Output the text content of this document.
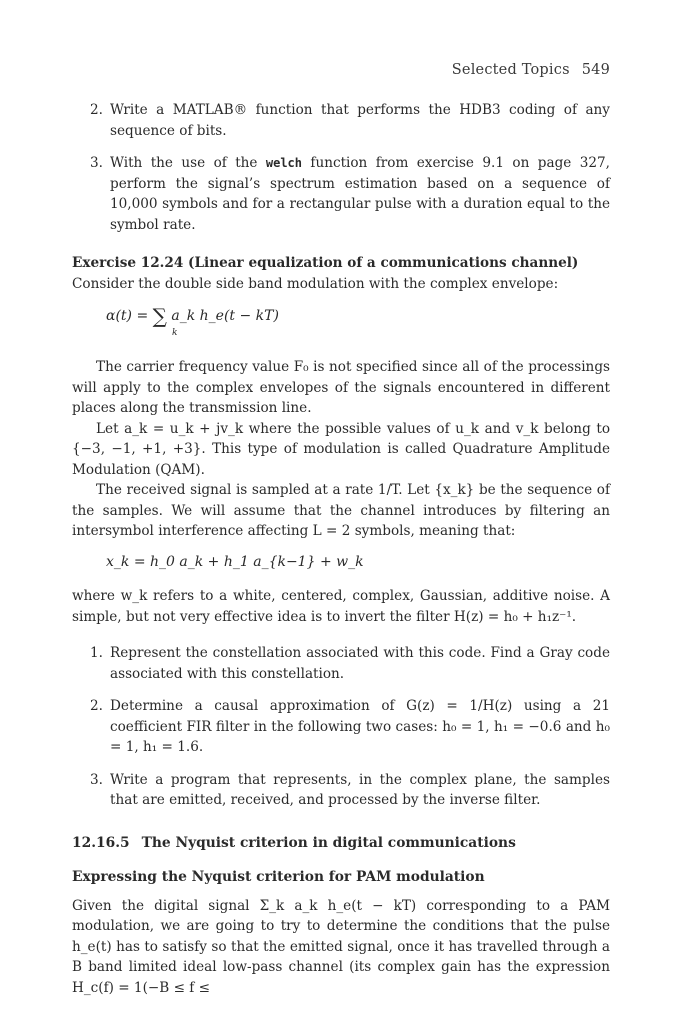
Selected Topics 549
2. Write a MATLAB® function that performs the HDB3 coding of any sequence of bits.
3. With the use of the welch function from exercise 9.1 on page 327, perform the signal’s spectrum estimation based on a sequence of 10,000 symbols and for a rectangular pulse with a duration equal to the symbol rate.
Exercise 12.24 (Linear equalization of a communications channel)

Consider the double side band modulation with the complex envelope:

α(t) = ∑ a_k h_e(t − kT)
k

The carrier frequency value F₀ is not specified since all of the processings will apply to the complex envelopes of the signals encountered in different places along the transmission line.

Let a_k = u_k + jv_k where the possible values of u_k and v_k belong to {−3, −1, +1, +3}. This type of modulation is called Quadrature Amplitude Modulation (QAM).

The received signal is sampled at a rate 1/T. Let {x_k} be the sequence of the samples. We will assume that the channel introduces by filtering an intersymbol interference affecting L = 2 symbols, meaning that:

x_k = h_0 a_k + h_1 a_{k−1} + w_k

where w_k refers to a white, centered, complex, Gaussian, additive noise. A simple, but not very effective idea is to invert the filter H(z) = h₀ + h₁z⁻¹.

1. Represent the constellation associated with this code. Find a Gray code associated with this constellation.
2. Determine a causal approximation of G(z) = 1/H(z) using a 21 coefficient FIR filter in the following two cases: h₀ = 1, h₁ = −0.6 and h₀ = 1, h₁ = 1.6.
3. Write a program that represents, in the complex plane, the samples that are emitted, received, and processed by the inverse filter.
12.16.5 The Nyquist criterion in digital communications
Expressing the Nyquist criterion for PAM modulation

Given the digital signal Σ_k a_k h_e(t − kT) corresponding to a PAM modulation, we are going to try to determine the conditions that the pulse h_e(t) has to satisfy so that the emitted signal, once it has travelled through a B band limited ideal low-pass channel (its complex gain has the expression H_c(f) = 1(−B ≤ f ≤
